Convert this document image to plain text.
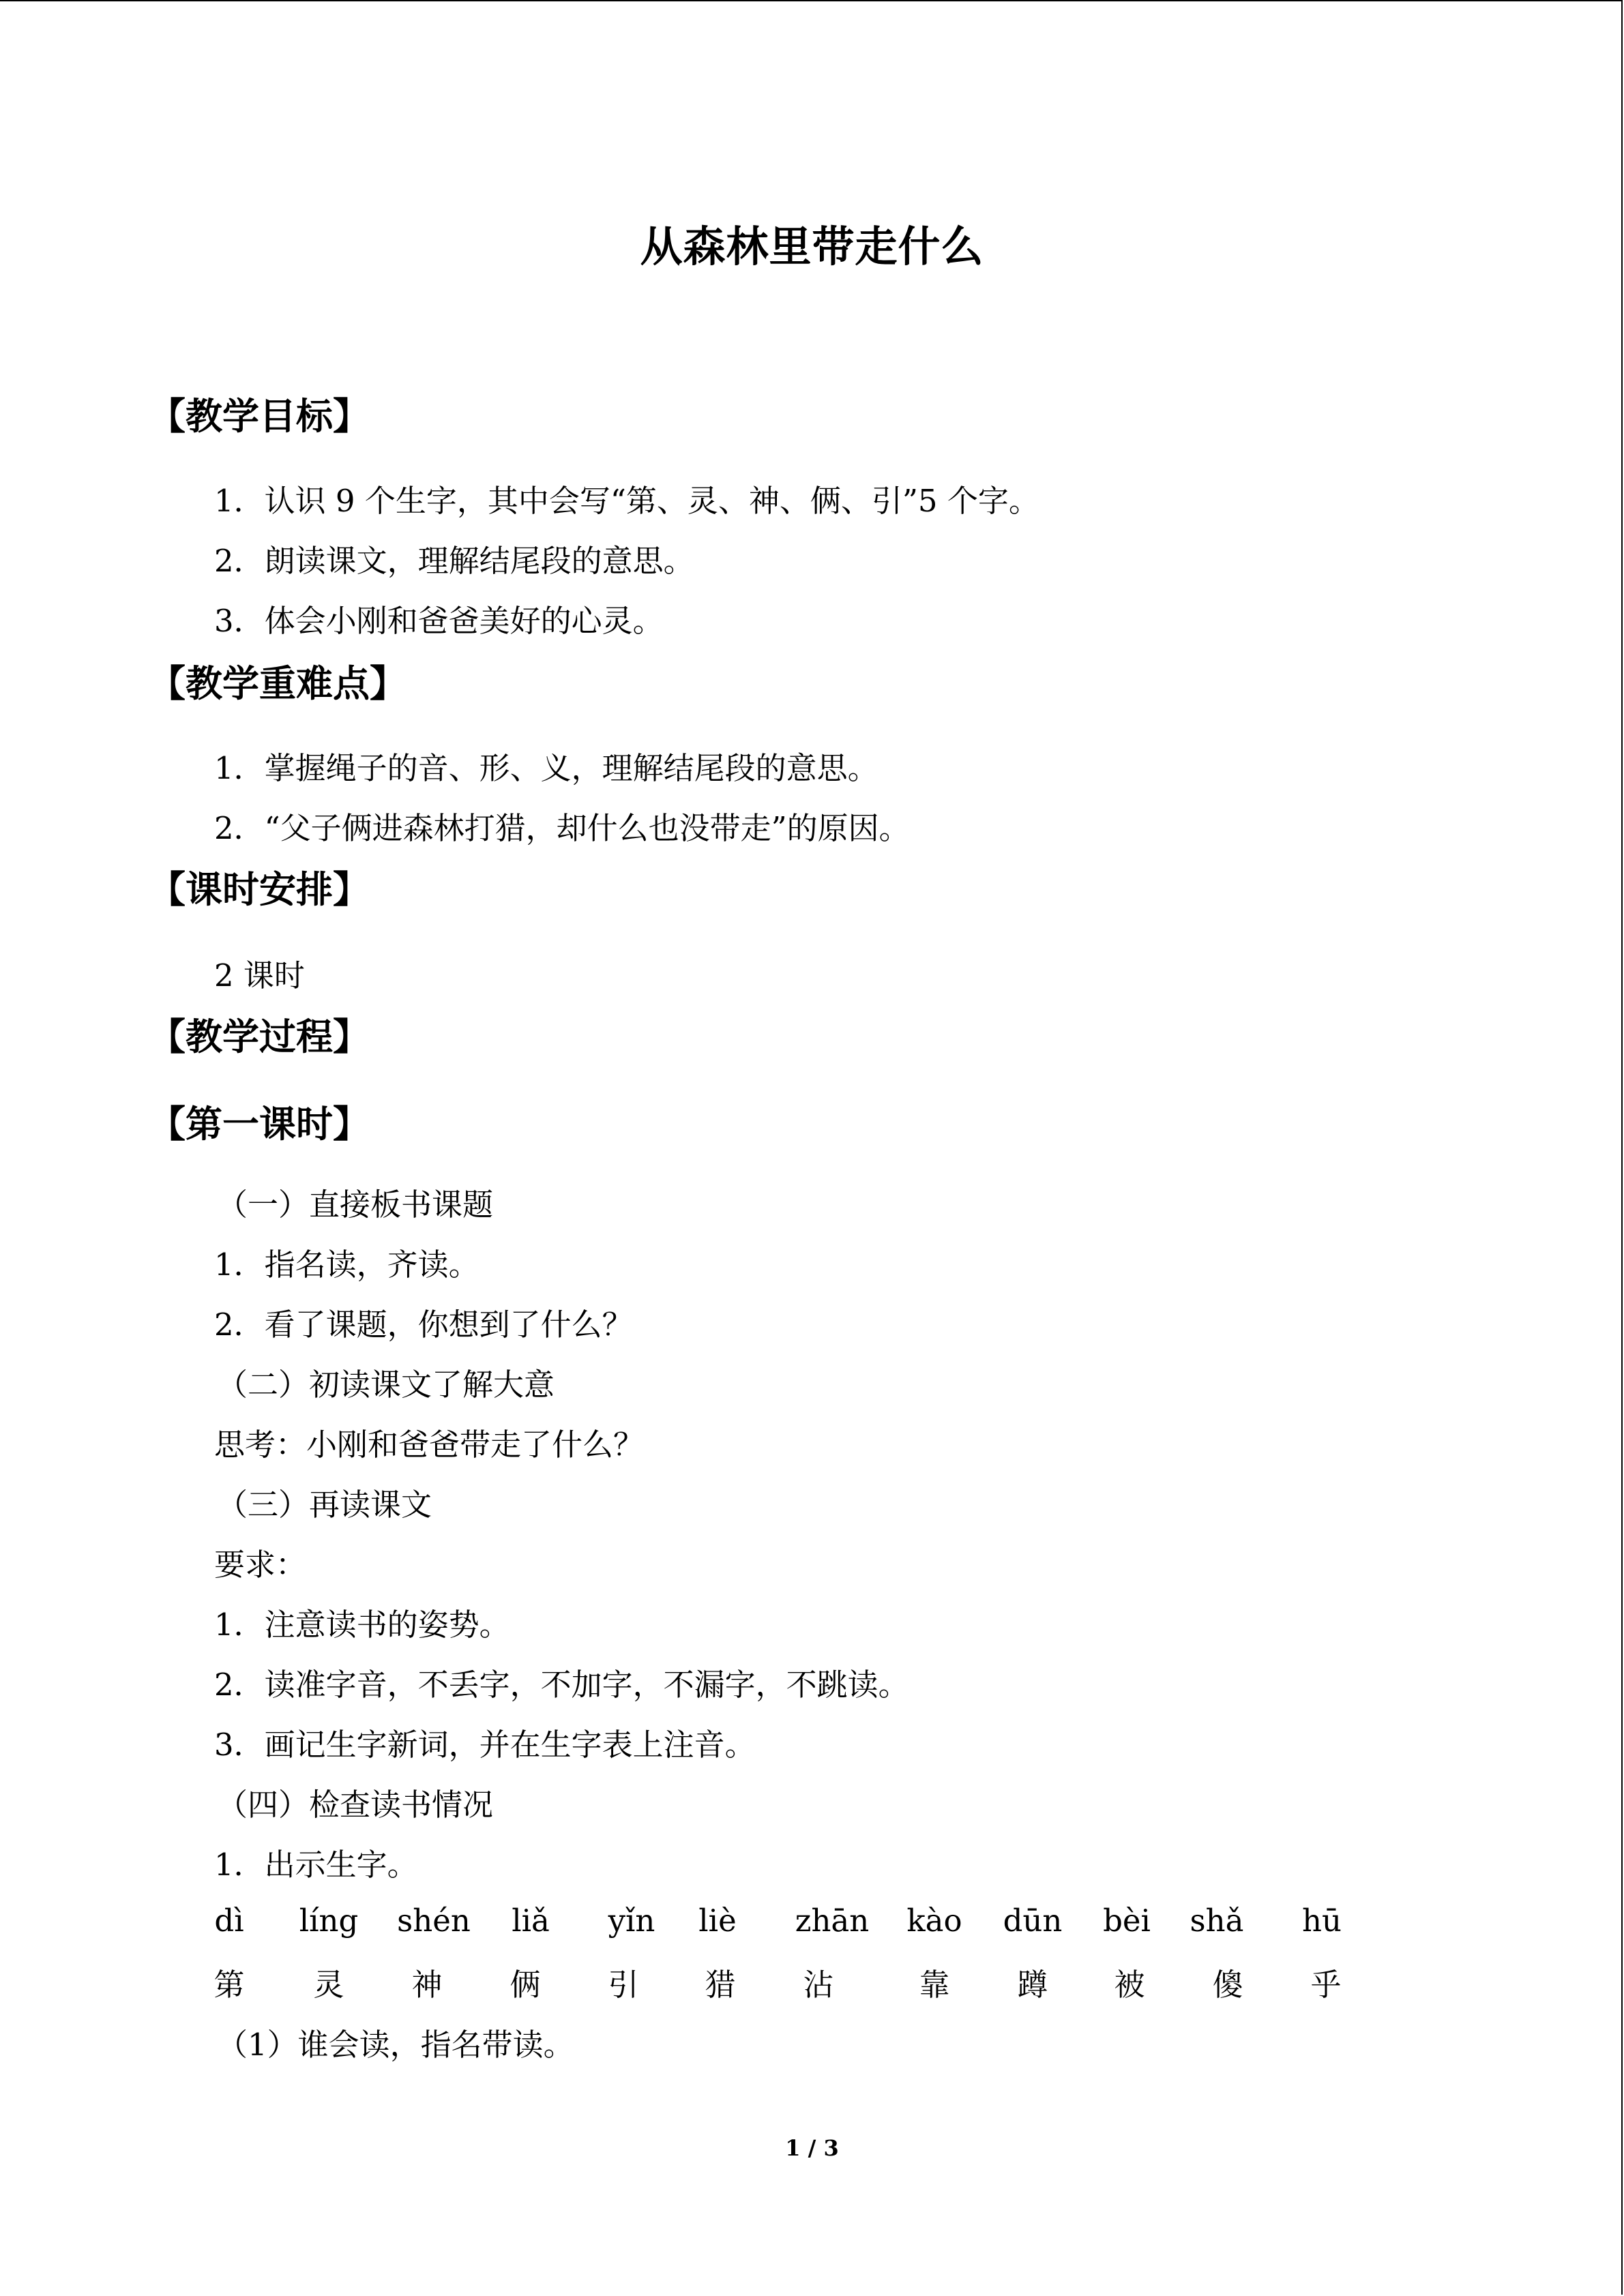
从森林里带走什么
【教学目标】
1．认识 9 个生字，其中会写“第、灵、神、俩、引”5 个字。
2．朗读课文，理解结尾段的意思。
3．体会小刚和爸爸美好的心灵。
【教学重难点】
1．掌握绳子的音、形、义，理解结尾段的意思。
2．“父子俩进森林打猎，却什么也没带走”的原因。
【课时安排】
2 课时
【教学过程】
【第一课时】
（一）直接板书课题
1．指名读，齐读。
2．看了课题，你想到了什么？
（二）初读课文了解大意
思考：小刚和爸爸带走了什么？
（三）再读课文
要求：
1．注意读书的姿势。
2．读准字音，不丢字，不加字，不漏字，不跳读。
3．画记生字新词，并在生字表上注音。
（四）检查读书情况
1．出示生字。
dì	líng	shén	liǎ	yǐn	liè	zhān	kào	dūn	bèi	shǎ	hū
第	灵	神	俩	引	猎	沾	靠	蹲	被	傻	乎
（1）谁会读，指名带读。
1 / 3
